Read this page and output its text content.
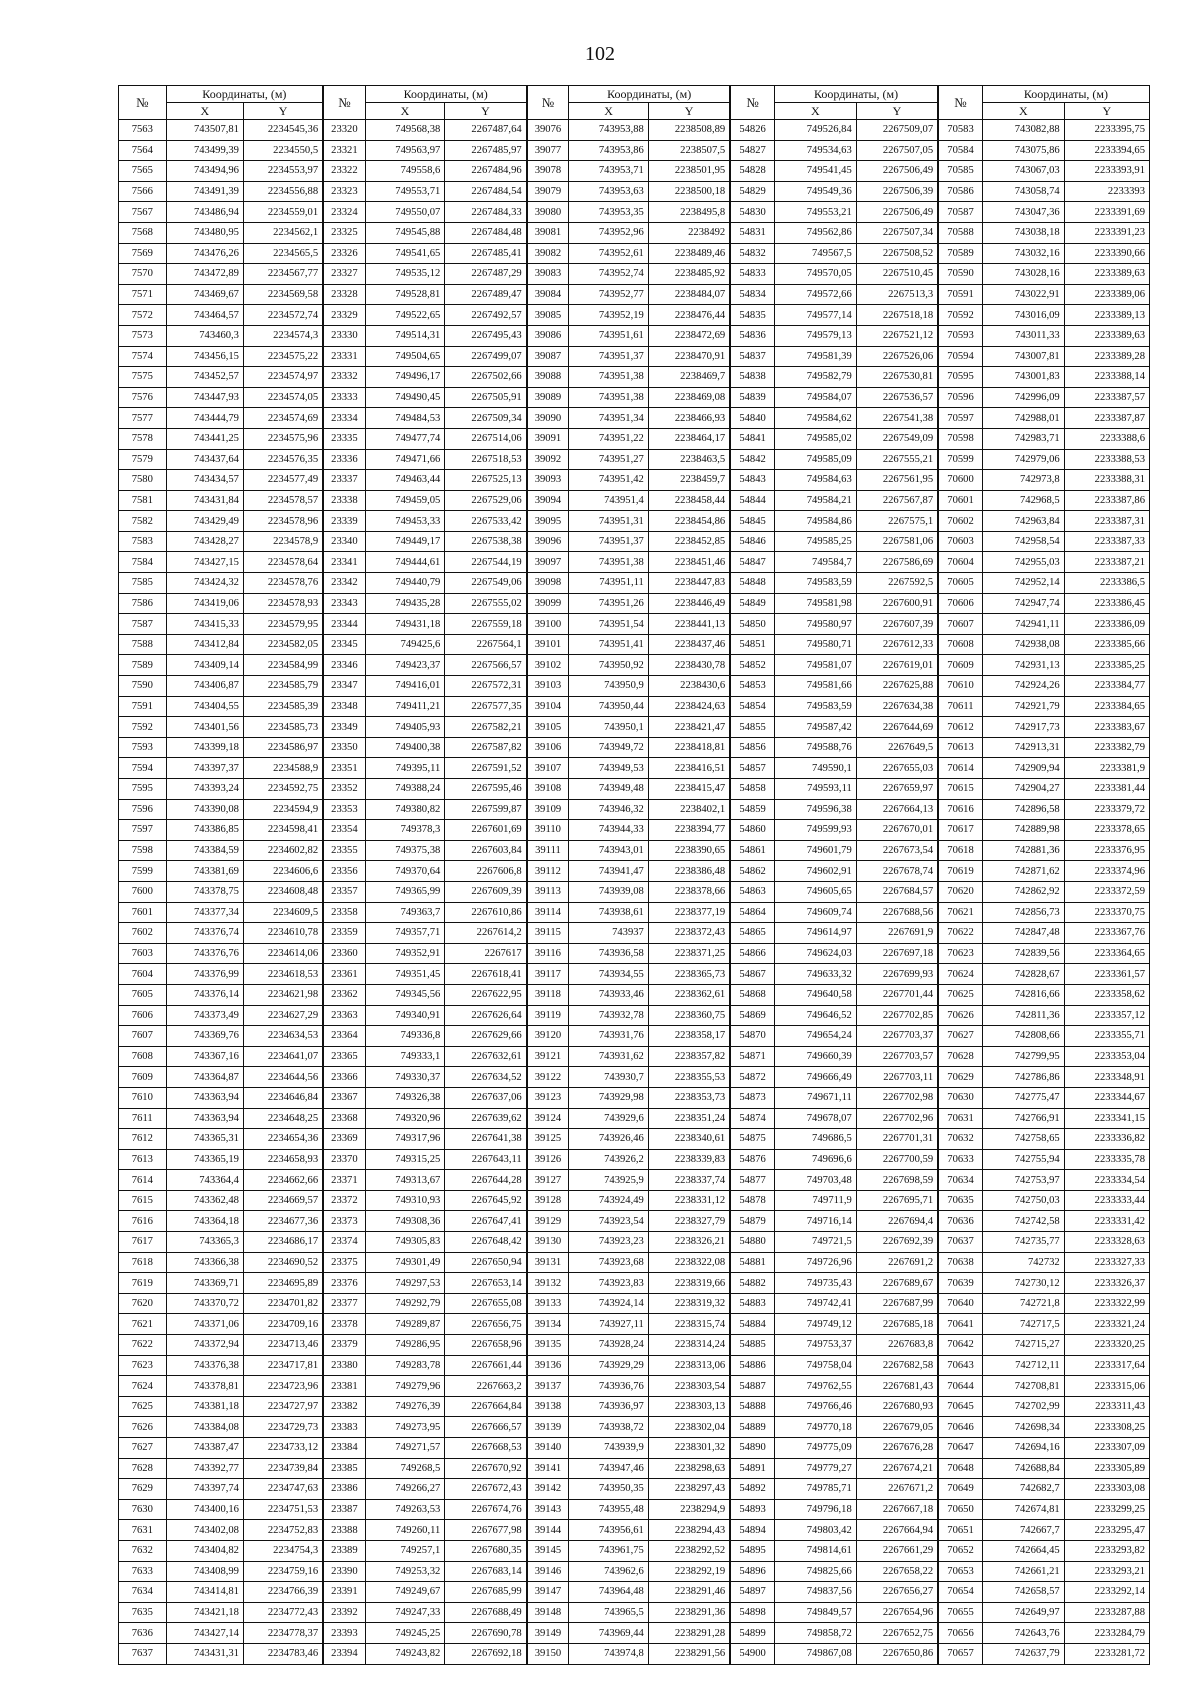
102
№	Координаты, (м)		№	Координаты, (м)		№	Координаты, (м)		№	Координаты, (м)		№	Координаты, (м)	
	X	Y		X	Y		X	Y		X	Y		X	Y
7563	743507,81	2234545,36	23320	749568,38	2267487,64	39076	743953,88	2238508,89	54826	749526,84	2267509,07	70583	743082,88	2233395,75
7564	743499,39	2234550,5	23321	749563,97	2267485,97	39077	743953,86	2238507,5	54827	749534,63	2267507,05	70584	743075,86	2233394,65
7565	743494,96	2234553,97	23322	749558,6	2267484,96	39078	743953,71	2238501,95	54828	749541,45	2267506,49	70585	743067,03	2233393,91
7566	743491,39	2234556,88	23323	749553,71	2267484,54	39079	743953,63	2238500,18	54829	749549,36	2267506,39	70586	743058,74	2233393
7567	743486,94	2234559,01	23324	749550,07	2267484,33	39080	743953,35	2238495,8	54830	749553,21	2267506,49	70587	743047,36	2233391,69
7568	743480,95	2234562,1	23325	749545,88	2267484,48	39081	743952,96	2238492	54831	749562,86	2267507,34	70588	743038,18	2233391,23
7569	743476,26	2234565,5	23326	749541,65	2267485,41	39082	743952,61	2238489,46	54832	749567,5	2267508,52	70589	743032,16	2233390,66
7570	743472,89	2234567,77	23327	749535,12	2267487,29	39083	743952,74	2238485,92	54833	749570,05	2267510,45	70590	743028,16	2233389,63
7571	743469,67	2234569,58	23328	749528,81	2267489,47	39084	743952,77	2238484,07	54834	749572,66	2267513,3	70591	743022,91	2233389,06
7572	743464,57	2234572,74	23329	749522,65	2267492,57	39085	743952,19	2238476,44	54835	749577,14	2267518,18	70592	743016,09	2233389,13
7573	743460,3	2234574,3	23330	749514,31	2267495,43	39086	743951,61	2238472,69	54836	749579,13	2267521,12	70593	743011,33	2233389,63
7574	743456,15	2234575,22	23331	749504,65	2267499,07	39087	743951,37	2238470,91	54837	749581,39	2267526,06	70594	743007,81	2233389,28
7575	743452,57	2234574,97	23332	749496,17	2267502,66	39088	743951,38	2238469,7	54838	749582,79	2267530,81	70595	743001,83	2233388,14
7576	743447,93	2234574,05	23333	749490,45	2267505,91	39089	743951,38	2238469,08	54839	749584,07	2267536,57	70596	742996,09	2233387,57
7577	743444,79	2234574,69	23334	749484,53	2267509,34	39090	743951,34	2238466,93	54840	749584,62	2267541,38	70597	742988,01	2233387,87
7578	743441,25	2234575,96	23335	749477,74	2267514,06	39091	743951,22	2238464,17	54841	749585,02	2267549,09	70598	742983,71	2233388,6
7579	743437,64	2234576,35	23336	749471,66	2267518,53	39092	743951,27	2238463,5	54842	749585,09	2267555,21	70599	742979,06	2233388,53
7580	743434,57	2234577,49	23337	749463,44	2267525,13	39093	743951,42	2238459,7	54843	749584,63	2267561,95	70600	742973,8	2233388,31
7581	743431,84	2234578,57	23338	749459,05	2267529,06	39094	743951,4	2238458,44	54844	749584,21	2267567,87	70601	742968,5	2233387,86
7582	743429,49	2234578,96	23339	749453,33	2267533,42	39095	743951,31	2238454,86	54845	749584,86	2267575,1	70602	742963,84	2233387,31
7583	743428,27	2234578,9	23340	749449,17	2267538,38	39096	743951,37	2238452,85	54846	749585,25	2267581,06	70603	742958,54	2233387,33
7584	743427,15	2234578,64	23341	749444,61	2267544,19	39097	743951,38	2238451,46	54847	749584,7	2267586,69	70604	742955,03	2233387,21
7585	743424,32	2234578,76	23342	749440,79	2267549,06	39098	743951,11	2238447,83	54848	749583,59	2267592,5	70605	742952,14	2233386,5
7586	743419,06	2234578,93	23343	749435,28	2267555,02	39099	743951,26	2238446,49	54849	749581,98	2267600,91	70606	742947,74	2233386,45
7587	743415,33	2234579,95	23344	749431,18	2267559,18	39100	743951,54	2238441,13	54850	749580,97	2267607,39	70607	742941,11	2233386,09
7588	743412,84	2234582,05	23345	749425,6	2267564,1	39101	743951,41	2238437,46	54851	749580,71	2267612,33	70608	742938,08	2233385,66
7589	743409,14	2234584,99	23346	749423,37	2267566,57	39102	743950,92	2238430,78	54852	749581,07	2267619,01	70609	742931,13	2233385,25
7590	743406,87	2234585,79	23347	749416,01	2267572,31	39103	743950,9	2238430,6	54853	749581,66	2267625,88	70610	742924,26	2233384,77
7591	743404,55	2234585,39	23348	749411,21	2267577,35	39104	743950,44	2238424,63	54854	749583,59	2267634,38	70611	742921,79	2233384,65
7592	743401,56	2234585,73	23349	749405,93	2267582,21	39105	743950,1	2238421,47	54855	749587,42	2267644,69	70612	742917,73	2233383,67
7593	743399,18	2234586,97	23350	749400,38	2267587,82	39106	743949,72	2238418,81	54856	749588,76	2267649,5	70613	742913,31	2233382,79
7594	743397,37	2234588,9	23351	749395,11	2267591,52	39107	743949,53	2238416,51	54857	749590,1	2267655,03	70614	742909,94	2233381,9
7595	743393,24	2234592,75	23352	749388,24	2267595,46	39108	743949,48	2238415,47	54858	749593,11	2267659,97	70615	742904,27	2233381,44
7596	743390,08	2234594,9	23353	749380,82	2267599,87	39109	743946,32	2238402,1	54859	749596,38	2267664,13	70616	742896,58	2233379,72
7597	743386,85	2234598,41	23354	749378,3	2267601,69	39110	743944,33	2238394,77	54860	749599,93	2267670,01	70617	742889,98	2233378,65
7598	743384,59	2234602,82	23355	749375,38	2267603,84	39111	743943,01	2238390,65	54861	749601,79	2267673,54	70618	742881,36	2233376,95
7599	743381,69	2234606,6	23356	749370,64	2267606,8	39112	743941,47	2238386,48	54862	749602,91	2267678,74	70619	742871,62	2233374,96
7600	743378,75	2234608,48	23357	749365,99	2267609,39	39113	743939,08	2238378,66	54863	749605,65	2267684,57	70620	742862,92	2233372,59
7601	743377,34	2234609,5	23358	749363,7	2267610,86	39114	743938,61	2238377,19	54864	749609,74	2267688,56	70621	742856,73	2233370,75
7602	743376,74	2234610,78	23359	749357,71	2267614,2	39115	743937	2238372,43	54865	749614,97	2267691,9	70622	742847,48	2233367,76
7603	743376,76	2234614,06	23360	749352,91	2267617	39116	743936,58	2238371,25	54866	749624,03	2267697,18	70623	742839,56	2233364,65
7604	743376,99	2234618,53	23361	749351,45	2267618,41	39117	743934,55	2238365,73	54867	749633,32	2267699,93	70624	742828,67	2233361,57
7605	743376,14	2234621,98	23362	749345,56	2267622,95	39118	743933,46	2238362,61	54868	749640,58	2267701,44	70625	742816,66	2233358,62
7606	743373,49	2234627,29	23363	749340,91	2267626,64	39119	743932,78	2238360,75	54869	749646,52	2267702,85	70626	742811,36	2233357,12
7607	743369,76	2234634,53	23364	749336,8	2267629,66	39120	743931,76	2238358,17	54870	749654,24	2267703,37	70627	742808,66	2233355,71
7608	743367,16	2234641,07	23365	749333,1	2267632,61	39121	743931,62	2238357,82	54871	749660,39	2267703,57	70628	742799,95	2233353,04
7609	743364,87	2234644,56	23366	749330,37	2267634,52	39122	743930,7	2238355,53	54872	749666,49	2267703,11	70629	742786,86	2233348,91
7610	743363,94	2234646,84	23367	749326,38	2267637,06	39123	743929,98	2238353,73	54873	749671,11	2267702,98	70630	742775,47	2233344,67
7611	743363,94	2234648,25	23368	749320,96	2267639,62	39124	743929,6	2238351,24	54874	749678,07	2267702,96	70631	742766,91	2233341,15
7612	743365,31	2234654,36	23369	749317,96	2267641,38	39125	743926,46	2238340,61	54875	749686,5	2267701,31	70632	742758,65	2233336,82
7613	743365,19	2234658,93	23370	749315,25	2267643,11	39126	743926,2	2238339,83	54876	749696,6	2267700,59	70633	742755,94	2233335,78
7614	743364,4	2234662,66	23371	749313,67	2267644,28	39127	743925,9	2238337,74	54877	749703,48	2267698,59	70634	742753,97	2233334,54
7615	743362,48	2234669,57	23372	749310,93	2267645,92	39128	743924,49	2238331,12	54878	749711,9	2267695,71	70635	742750,03	2233333,44
7616	743364,18	2234677,36	23373	749308,36	2267647,41	39129	743923,54	2238327,79	54879	749716,14	2267694,4	70636	742742,58	2233331,42
7617	743365,3	2234686,17	23374	749305,83	2267648,42	39130	743923,23	2238326,21	54880	749721,5	2267692,39	70637	742735,77	2233328,63
7618	743366,38	2234690,52	23375	749301,49	2267650,94	39131	743923,68	2238322,08	54881	749726,96	2267691,2	70638	742732	2233327,33
7619	743369,71	2234695,89	23376	749297,53	2267653,14	39132	743923,83	2238319,66	54882	749735,43	2267689,67	70639	742730,12	2233326,37
7620	743370,72	2234701,82	23377	749292,79	2267655,08	39133	743924,14	2238319,32	54883	749742,41	2267687,99	70640	742721,8	2233322,99
7621	743371,06	2234709,16	23378	749289,87	2267656,75	39134	743927,11	2238315,74	54884	749749,12	2267685,18	70641	742717,5	2233321,24
7622	743372,94	2234713,46	23379	749286,95	2267658,96	39135	743928,24	2238314,24	54885	749753,37	2267683,8	70642	742715,27	2233320,25
7623	743376,38	2234717,81	23380	749283,78	2267661,44	39136	743929,29	2238313,06	54886	749758,04	2267682,58	70643	742712,11	2233317,64
7624	743378,81	2234723,96	23381	749279,96	2267663,2	39137	743936,76	2238303,54	54887	749762,55	2267681,43	70644	742708,81	2233315,06
7625	743381,18	2234727,97	23382	749276,39	2267664,84	39138	743936,97	2238303,13	54888	749766,46	2267680,93	70645	742702,99	2233311,43
7626	743384,08	2234729,73	23383	749273,95	2267666,57	39139	743938,72	2238302,04	54889	749770,18	2267679,05	70646	742698,34	2233308,25
7627	743387,47	2234733,12	23384	749271,57	2267668,53	39140	743939,9	2238301,32	54890	749775,09	2267676,28	70647	742694,16	2233307,09
7628	743392,77	2234739,84	23385	749268,5	2267670,92	39141	743947,46	2238298,63	54891	749779,27	2267674,21	70648	742688,84	2233305,89
7629	743397,74	2234747,63	23386	749266,27	2267672,43	39142	743950,35	2238297,43	54892	749785,71	2267671,2	70649	742682,7	2233303,08
7630	743400,16	2234751,53	23387	749263,53	2267674,76	39143	743955,48	2238294,9	54893	749796,18	2267667,18	70650	742674,81	2233299,25
7631	743402,08	2234752,83	23388	749260,11	2267677,98	39144	743956,61	2238294,43	54894	749803,42	2267664,94	70651	742667,7	2233295,47
7632	743404,82	2234754,3	23389	749257,1	2267680,35	39145	743961,75	2238292,52	54895	749814,61	2267661,29	70652	742664,45	2233293,82
7633	743408,99	2234759,16	23390	749253,32	2267683,14	39146	743962,6	2238292,19	54896	749825,66	2267658,22	70653	742661,21	2233293,21
7634	743414,81	2234766,39	23391	749249,67	2267685,99	39147	743964,48	2238291,46	54897	749837,56	2267656,27	70654	742658,57	2233292,14
7635	743421,18	2234772,43	23392	749247,33	2267688,49	39148	743965,5	2238291,36	54898	749849,57	2267654,96	70655	742649,97	2233287,88
7636	743427,14	2234778,37	23393	749245,25	2267690,78	39149	743969,44	2238291,28	54899	749858,72	2267652,75	70656	742643,76	2233284,79
7637	743431,31	2234783,46	23394	749243,82	2267692,18	39150	743974,8	2238291,56	54900	749867,08	2267650,86	70657	742637,79	2233281,72
